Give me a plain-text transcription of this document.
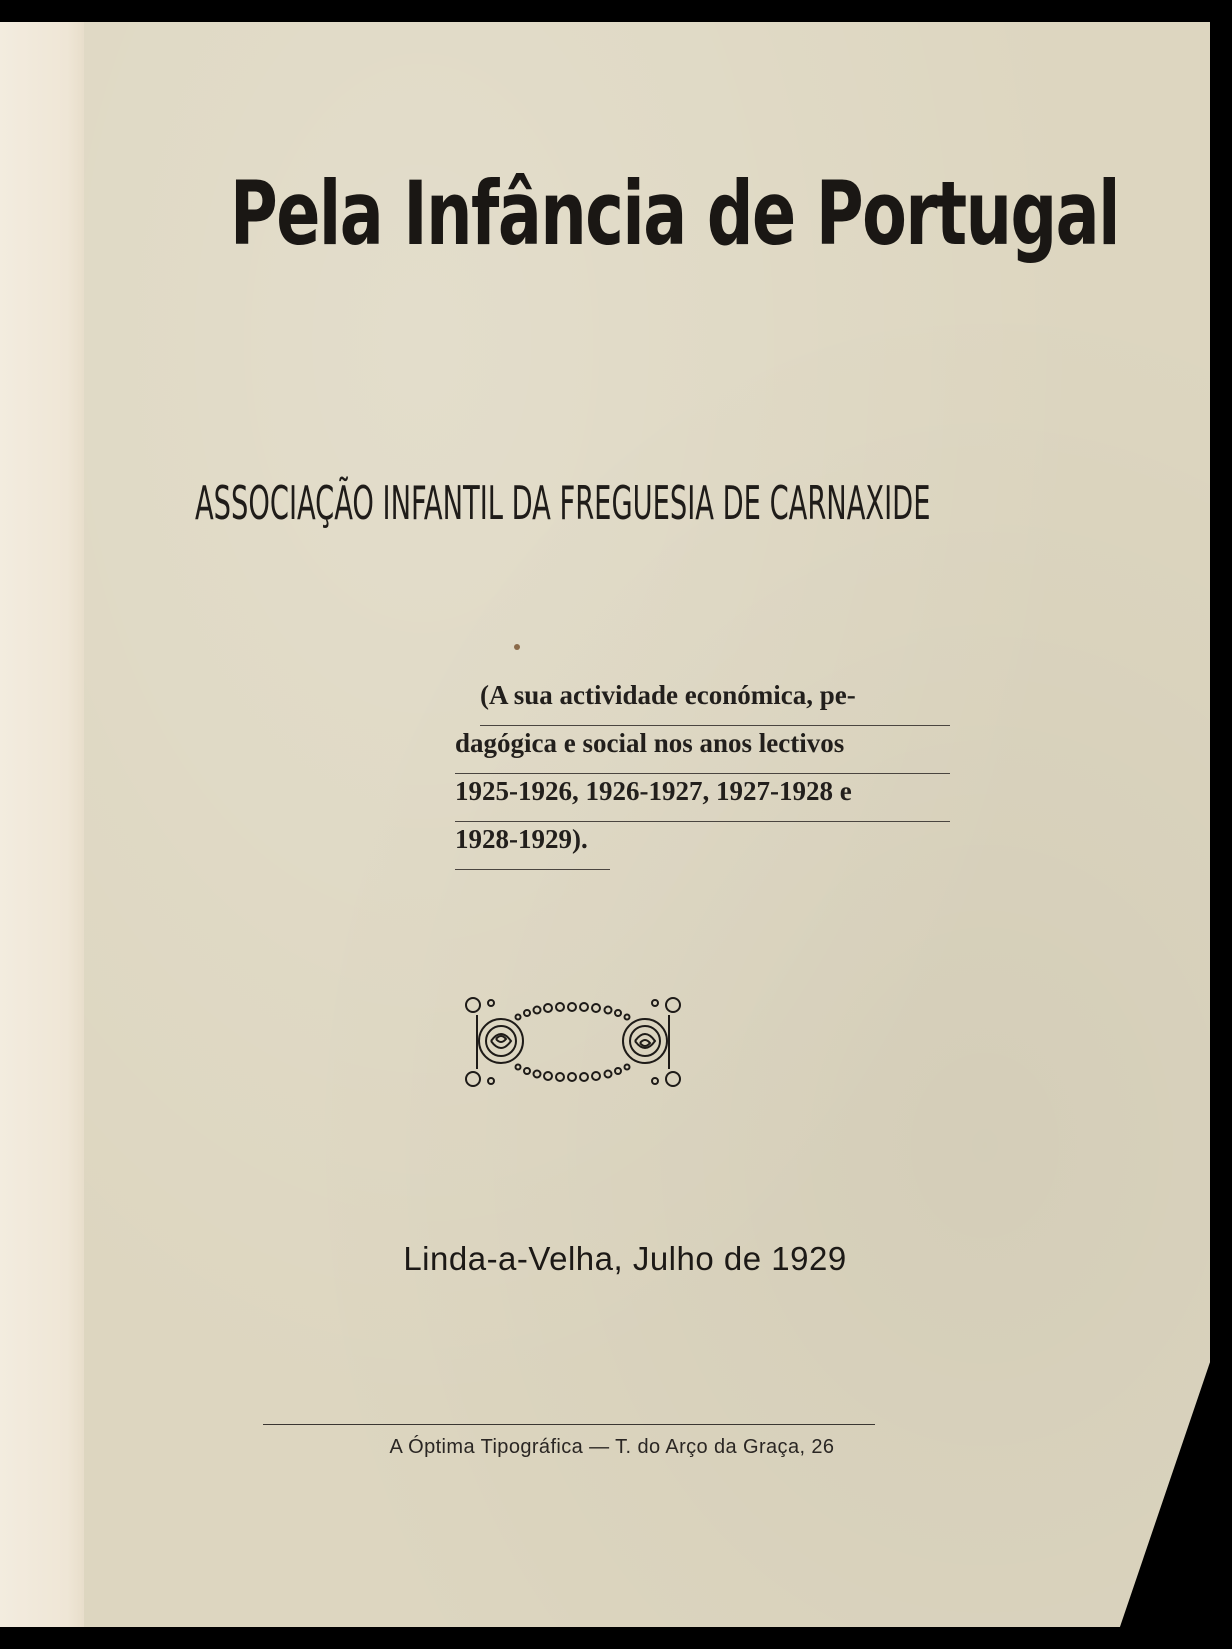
Pela Infância de Portugal
ASSOCIAÇÃO INFANTIL DA FREGUESIA DE CARNAXIDE
(A sua actividade económica, pe-
dagógica e social nos anos lectivos
1925-1926, 1926-1927, 1927-1928 e
1928-1929).
Linda-a-Velha, Julho de 1929
A Óptima Tipográfica — T. do Arço da Graça, 26
